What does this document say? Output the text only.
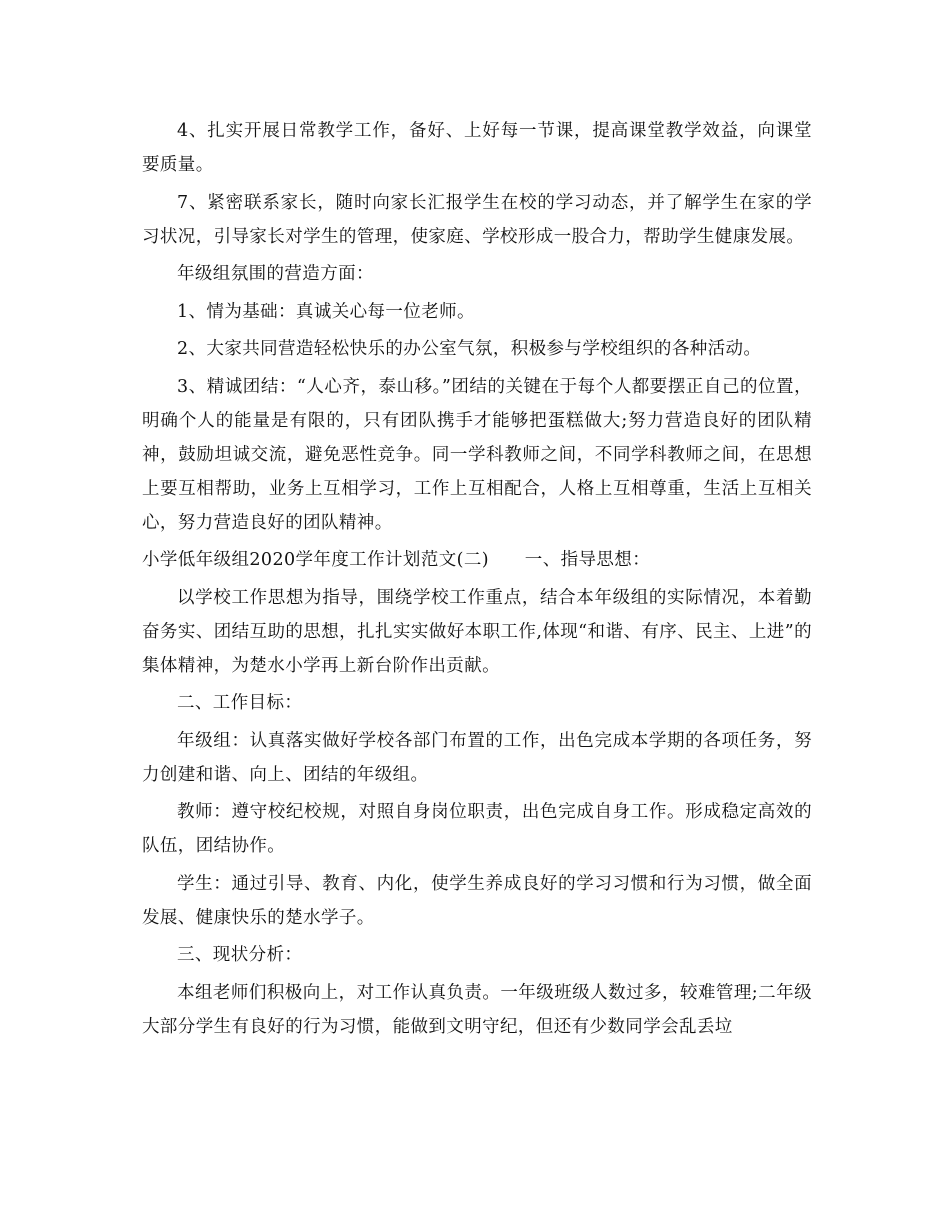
4、扎实开展日常教学工作，备好、上好每一节课，提高课堂教学效益，向课堂要质量。

7、紧密联系家长，随时向家长汇报学生在校的学习动态，并了解学生在家的学习状况，引导家长对学生的管理，使家庭、学校形成一股合力，帮助学生健康发展。

年级组氛围的营造方面：

1、情为基础：真诚关心每一位老师。

2、大家共同营造轻松快乐的办公室气氛，积极参与学校组织的各种活动。

3、精诚团结：“人心齐，泰山移。”团结的关键在于每个人都要摆正自己的位置，明确个人的能量是有限的，只有团队携手才能够把蛋糕做大;努力营造良好的团队精神，鼓励坦诚交流，避免恶性竞争。同一学科教师之间，不同学科教师之间，在思想上要互相帮助，业务上互相学习，工作上互相配合，人格上互相尊重，生活上互相关心，努力营造良好的团队精神。

小学低年级组2020学年度工作计划范文(二)　　一、指导思想：

以学校工作思想为指导，围绕学校工作重点，结合本年级组的实际情况，本着勤奋务实、团结互助的思想，扎扎实实做好本职工作,体现“和谐、有序、民主、上进”的集体精神，为楚水小学再上新台阶作出贡献。

二、工作目标：

年级组：认真落实做好学校各部门布置的工作，出色完成本学期的各项任务，努力创建和谐、向上、团结的年级组。

教师：遵守校纪校规，对照自身岗位职责，出色完成自身工作。形成稳定高效的队伍，团结协作。

学生：通过引导、教育、内化，使学生养成良好的学习习惯和行为习惯，做全面发展、健康快乐的楚水学子。

三、现状分析：

本组老师们积极向上，对工作认真负责。一年级班级人数过多，较难管理;二年级大部分学生有良好的行为习惯，能做到文明守纪，但还有少数同学会乱丢垃
